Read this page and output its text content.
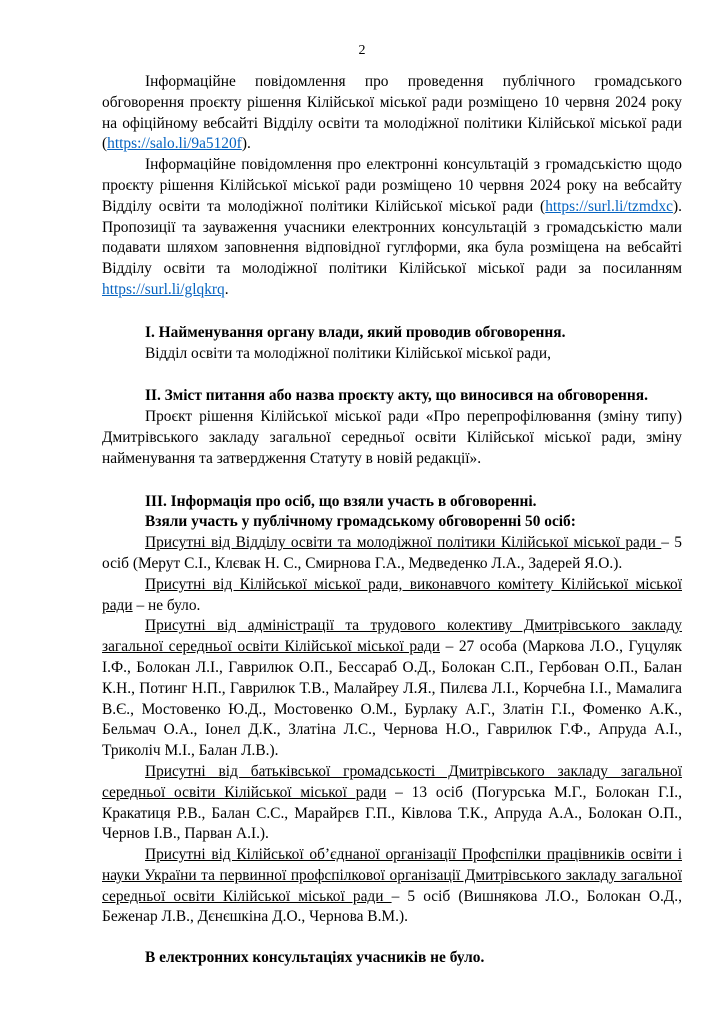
2

Інформаційне повідомлення про проведення публічного громадського обговорення проєкту рішення Кілійської міської ради розміщено 10 червня 2024 року на офіційному вебсайті Відділу освіти та молодіжної політики Кілійської міської ради (https://salo.li/9a5120f).

Інформаційне повідомлення про електронні консультацій з громадськістю щодо проєкту рішення Кілійської міської ради розміщено 10 червня 2024 року на вебсайту Відділу освіти та молодіжної політики Кілійської міської ради (https://surl.li/tzmdxc). Пропозиції та зауваження учасники електронних консультацій з громадськістю мали подавати шляхом заповнення відповідної гуглформи, яка була розміщена на вебсайті Відділу освіти та молодіжної політики Кілійської міської ради за посиланням https://surl.li/glqkrq.

І. Найменування органу влади, який проводив обговорення.

Відділ освіти та молодіжної політики Кілійської міської ради,

ІІ. Зміст питання або назва проєкту акту, що виносився на обговорення.

Проєкт рішення Кілійської міської ради «Про перепрофілювання (зміну типу) Дмитрівського закладу загальної середньої освіти Кілійської міської ради, зміну найменування та затвердження Статуту в новій редакції».

ІІІ. Інформація про осіб, що взяли участь в обговоренні.

Взяли участь у публічному громадському обговоренні 50 осіб:

Присутні від Відділу освіти та молодіжної політики Кілійської міської ради – 5 осіб (Мерут С.І., Клєвак Н. С., Смирнова Г.А., Медведенко Л.А., Задерей Я.О.).

Присутні від Кілійської міської ради, виконавчого комітету Кілійської міської ради – не було.

Присутні від адміністрації та трудового колективу Дмитрівського закладу загальної середньої освіти Кілійської міської ради – 27 особа (Маркова Л.О., Гуцуляк І.Ф., Болокан Л.І., Гаврилюк О.П., Бессараб О.Д., Болокан С.П., Гербован О.П., Балан К.Н., Потинг Н.П., Гаврилюк Т.В., Малайреу Л.Я., Пилєва Л.І., Корчебна І.І., Мамалига В.Є., Мостовенко Ю.Д., Мостовенко О.М., Бурлаку А.Г., Златін Г.І., Фоменко А.К., Бельмач О.А., Іонел Д.К., Златіна Л.С., Чернова Н.О., Гаврилюк Г.Ф., Апруда А.І., Триколіч М.І., Балан Л.В.).

Присутні від батьківської громадськості Дмитрівського закладу загальної середньої освіти Кілійської міської ради – 13 осіб (Погурська М.Г., Болокан Г.І., Кракатиця Р.В., Балан С.С., Марайрєв Г.П., Ківлова Т.К., Апруда А.А., Болокан О.П., Чернов І.В., Парван А.І.).

Присутні від Кілійської об’єднаної організації Профспілки працівників освіти і науки України та первинної профспілкової організації Дмитрівського закладу загальної середньої освіти Кілійської міської ради – 5 осіб (Вишнякова Л.О., Болокан О.Д., Беженар Л.В., Дєнєшкіна Д.О., Чернова В.М.).

В електронних консультаціях учасників не було.
